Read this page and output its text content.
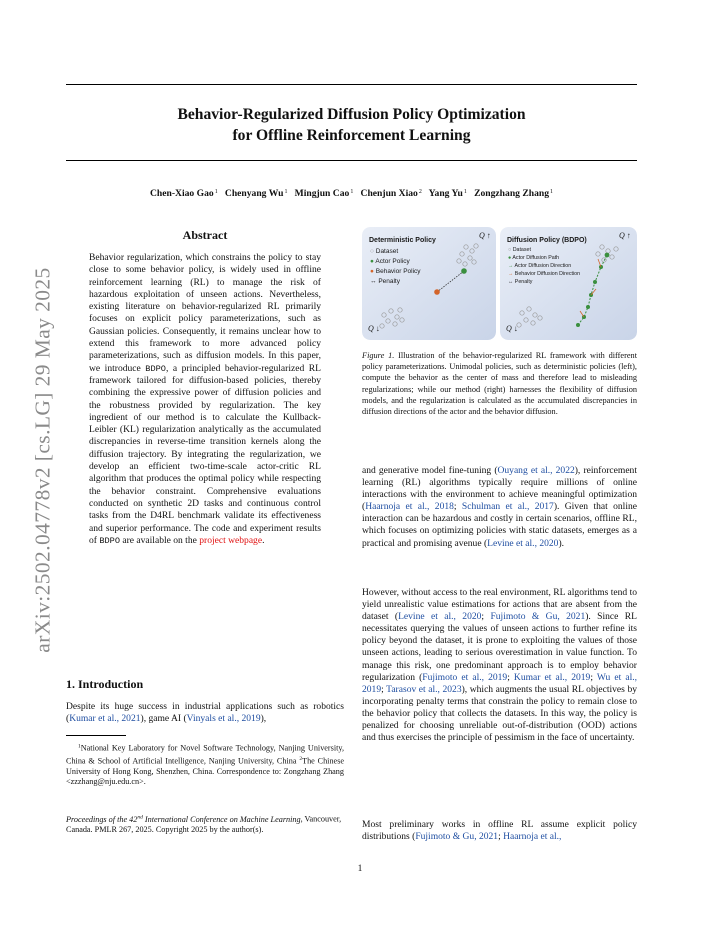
Behavior-Regularized Diffusion Policy Optimization
for Offline Reinforcement Learning
Chen-Xiao Gao$^1$ Chenyang Wu$^1$ Mingjun Cao$^1$ Chenjun Xiao$^2$ Yang Yu$^1$ Zongzhang Zhang$^1$
arXiv:2502.04778v2 [cs.LG] 29 May 2025
Abstract
Behavior regularization, which constrains the policy to stay close to some behavior policy, is widely used in offline reinforcement learning (RL) to manage the risk of hazardous exploitation of unseen actions. Nevertheless, existing literature on behavior-regularized RL primarily focuses on explicit policy parameterizations, such as Gaussian policies. Consequently, it remains unclear how to extend this framework to more advanced policy parameterizations, such as diffusion models. In this paper, we introduce BDPO, a principled behavior-regularized RL framework tailored for diffusion-based policies, thereby combining the expressive power of diffusion policies and the robustness provided by regularization. The key ingredient of our method is to calculate the Kullback-Leibler (KL) regularization analytically as the accumulated discrepancies in reverse-time transition kernels along the diffusion trajectory. By integrating the regularization, we develop an efficient two-time-scale actor-critic RL algorithm that produces the optimal policy while respecting the behavior constraint. Comprehensive evaluations conducted on synthetic 2D tasks and continuous control tasks from the D4RL benchmark validate its effectiveness and superior performance. The code and experiment results of BDPO are available on the project webpage.
1. Introduction
Despite its huge success in industrial applications such as robotics (Kumar et al., 2021), game AI (Vinyals et al., 2019),
$^1$National Key Laboratory for Novel Software Technology, Nanjing University, China & School of Artificial Intelligence, Nanjing University, China $^2$The Chinese University of Hong Kong, Shenzhen, China. Correspondence to: Zongzhang Zhang <zzzhang@nju.edu.cn>.
Proceedings of the 42nd International Conference on Machine Learning, Vancouver, Canada. PMLR 267, 2025. Copyright 2025 by the author(s).
Deterministic Policy
○ Dataset
● Actor Policy
● Behavior Policy
↔ Penalty
Q ↑
Q ↓
Diffusion Policy (BDPO)
○ Dataset
● Actor Diffusion Path
→ Actor Diffusion Direction
→ Behavior Diffusion Direction
↔ Penalty
Q ↑
Q ↓
Figure 1. Illustration of the behavior-regularized RL framework with different policy parameterizations. Unimodal policies, such as deterministic policies (left), compute the behavior as the center of mass and therefore lead to misleading regularizations; while our method (right) harnesses the flexibility of diffusion models, and the regularization is calculated as the accumulated discrepancies in diffusion directions of the actor and the behavior diffusion.
and generative model fine-tuning (Ouyang et al., 2022), reinforcement learning (RL) algorithms typically require millions of online interactions with the environment to achieve meaningful optimization (Haarnoja et al., 2018; Schulman et al., 2017). Given that online interaction can be hazardous and costly in certain scenarios, offline RL, which focuses on optimizing policies with static datasets, emerges as a practical and promising avenue (Levine et al., 2020).
However, without access to the real environment, RL algorithms tend to yield unrealistic value estimations for actions that are absent from the dataset (Levine et al., 2020; Fujimoto & Gu, 2021). Since RL necessitates querying the values of unseen actions to further refine its policy beyond the dataset, it is prone to exploiting the values of those unseen actions, leading to serious overestimation in value function. To manage this risk, one predominant approach is to employ behavior regularization (Fujimoto et al., 2019; Kumar et al., 2019; Wu et al., 2019; Tarasov et al., 2023), which augments the usual RL objectives by incorporating penalty terms that constrain the policy to remain close to the behavior policy that collects the datasets. In this way, the policy is penalized for choosing unreliable out-of-distribution (OOD) actions and thus exercises the principle of pessimism in the face of uncertainty.
Most preliminary works in offline RL assume explicit policy distributions (Fujimoto & Gu, 2021; Haarnoja et al.,
1
